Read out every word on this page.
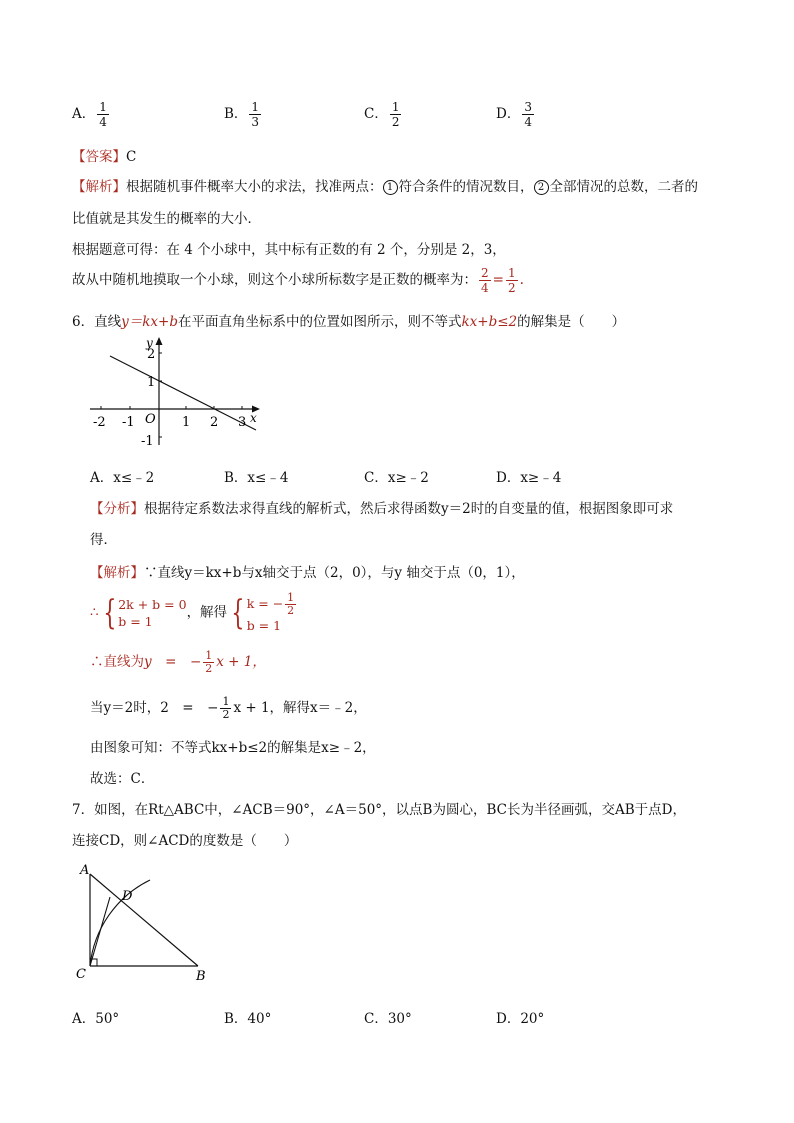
A． $\frac{1}{4}$	B． $\frac{1}{3}$	C． $\frac{1}{2}$	D． $\frac{3}{4}$
【答案】C
【解析】根据随机事件概率大小的求法，找准两点： 1 符合条件的情况数目， 2 全部情况的总数，二者的
比值就是其发生的概率的大小．
根据题意可得：在 4 个小球中，其中标有正数的有 2 个，分别是 2，3，
故从中随机地摸取一个小球，则这个小球所标数字是正数的概率为： $\frac{2}{4} = \frac{1}{2}$ .
6．直线y＝kx+b在平面直角坐标系中的位置如图所示，则不等式kx+b≤2的解集是（　　）
y
x
O
-2 -1	1 2 3
2
1
-1
A．x≤﹣2	B．x≤﹣4	C．x≥﹣2	D．x≥﹣4
【分析】根据待定系数法求得直线的解析式，然后求得函数y＝2时的自变量的值，根据图象即可求
得．
【解析】∵直线y＝kx+b与x轴交于点（2，0），与y 轴交于点（0，1），
∴ { 2k + b = 0
b = 1
，解得 { k = − $\frac{1}{2}$
b = 1
∴直线为y　=　− $\frac{1}{2}$ x + 1，
当y＝2时，2　=　− $\frac{1}{2}$ x + 1，解得x＝﹣2，
由图象可知：不等式kx+b≤2的解集是x≥﹣2，
故选：C．
7．如图，在Rt△ABC中，∠ACB＝90°，∠A＝50°，以点B为圆心，BC长为半径画弧，交AB于点D，
连接CD，则∠ACD的度数是（　　）
A
D
C	B
A．50°	B．40°	C．30°	D．20°
